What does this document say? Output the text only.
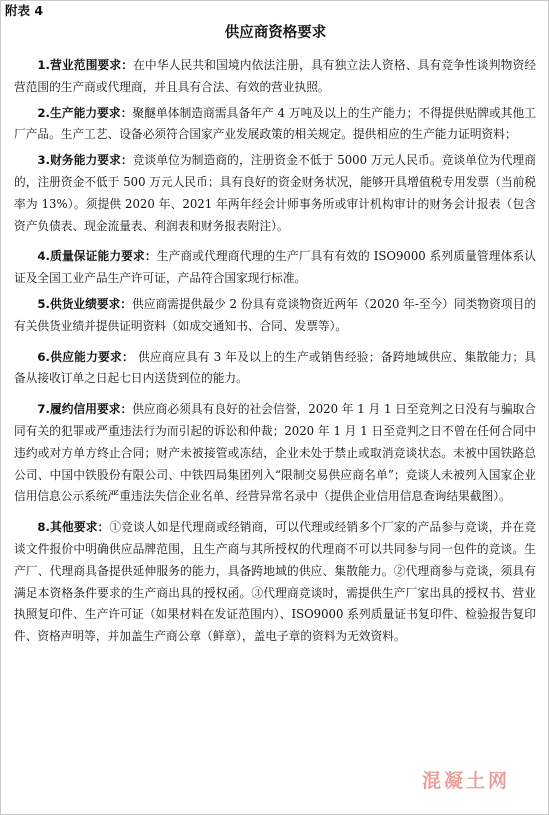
附表 4
供应商资格要求

1.营业范围要求：在中华人民共和国境内依法注册，具有独立法人资格、具有竞争性谈判物资经营范围的生产商或代理商，并且具有合法、有效的营业执照。

2.生产能力要求：聚醚单体制造商需具备年产 4 万吨及以上的生产能力；不得提供贴牌或其他工厂产品。生产工艺、设备必须符合国家产业发展政策的相关规定。提供相应的生产能力证明资料；

3.财务能力要求：竞谈单位为制造商的，注册资金不低于 5000 万元人民币。竞谈单位为代理商的，注册资金不低于 500 万元人民币；具有良好的资金财务状况，能够开具增值税专用发票（当前税率为 13%）。须提供 2020 年、2021 年两年经会计师事务所或审计机构审计的财务会计报表（包含资产负债表、现金流量表、利润表和财务报表附注）。

4.质量保证能力要求：生产商或代理商代理的生产厂具有有效的 ISO9000 系列质量管理体系认证及全国工业产品生产许可证，产品符合国家现行标准。

5.供货业绩要求：供应商需提供最少 2 份具有竞谈物资近两年（2020 年-至今）同类物资项目的有关供货业绩并提供证明资料（如成交通知书、合同、发票等）。

6.供应能力要求： 供应商应具有 3 年及以上的生产或销售经验；备跨地域供应、集散能力；具备从接收订单之日起七日内送货到位的能力。

7.履约信用要求：供应商必须具有良好的社会信誉，2020 年 1 月 1 日至竞判之日没有与骗取合同有关的犯罪或严重违法行为而引起的诉讼和仲裁；2020 年 1 月 1 日至竞判之日不曾在任何合同中违约或对方单方终止合同；财产未被接管或冻结，企业未处于禁止或取消竞谈状态。未被中国铁路总公司、中国中铁股份有限公司、中铁四局集团列入“限制交易供应商名单”；竞谈人未被列入国家企业信用信息公示系统严重违法失信企业名单、经营异常名录中（提供企业信用信息查询结果截图）。

8.其他要求：①竞谈人如是代理商或经销商，可以代理或经销多个厂家的产品参与竞谈，并在竞谈文件报价中明确供应品牌范围，且生产商与其所授权的代理商不可以共同参与同一包件的竞谈。生产厂、代理商具备提供延伸服务的能力，具备跨地域的供应、集散能力。②代理商参与竞谈，须具有满足本资格条件要求的生产商出具的授权函。③代理商竞谈时，需提供生产厂家出具的授权书、营业执照复印件、生产许可证（如果材料在发证范围内）、ISO9000 系列质量证书复印件、检验报告复印件、资格声明等，并加盖生产商公章（鲜章），盖电子章的资料为无效资料。

混凝土网
